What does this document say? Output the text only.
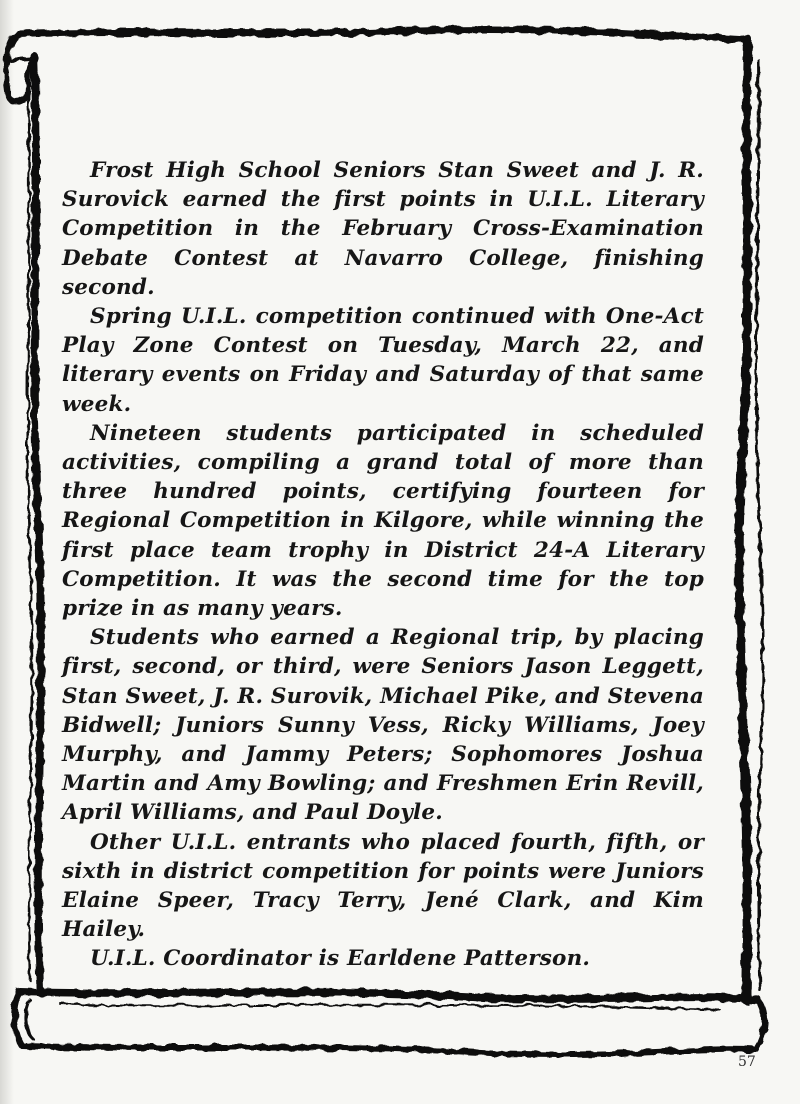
Frost High School Seniors Stan Sweet and J. R. Surovick earned the first points in U.I.L. Literary Competition in the February Cross-Examination Debate Contest at Navarro College, finishing second.

Spring U.I.L. competition continued with One-Act Play Zone Contest on Tuesday, March 22, and literary events on Friday and Saturday of that same week.

Nineteen students participated in scheduled activities, compiling a grand total of more than three hundred points, certifying fourteen for Regional Competition in Kilgore, while winning the first place team trophy in District 24-A Literary Competition. It was the second time for the top prize in as many years.

Students who earned a Regional trip, by placing first, second, or third, were Seniors Jason Leggett, Stan Sweet, J. R. Surovik, Michael Pike, and Stevena Bidwell; Juniors Sunny Vess, Ricky Williams, Joey Murphy, and Jammy Peters; Sophomores Joshua Martin and Amy Bowling; and Freshmen Erin Revill, April Williams, and Paul Doyle.

Other U.I.L. entrants who placed fourth, fifth, or sixth in district competition for points were Juniors Elaine Speer, Tracy Terry, Jené Clark, and Kim Hailey.

U.I.L. Coordinator is Earldene Patterson.

57
